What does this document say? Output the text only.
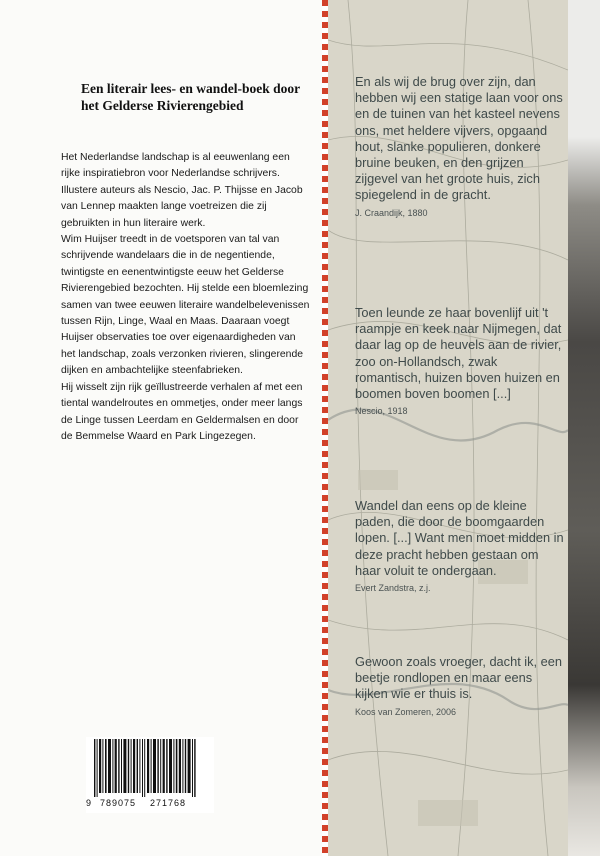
Een literair lees- en wandel-boek door het Gelderse Rivierengebied

Het Nederlandse landschap is al eeuwenlang een rijke inspiratiebron voor Nederlandse schrijvers. Illustere auteurs als Nescio, Jac. P. Thijsse en Jacob van Lennep maakten lange voetreizen die zij gebruikten in hun literaire werk.

Wim Huijser treedt in de voetsporen van tal van schrijvende wandelaars die in de negentiende, twintigste en eenentwintigste eeuw het Gelderse Rivierengebied bezochten. Hij stelde een bloemlezing samen van twee eeuwen literaire wandelbelevenissen tussen Rijn, Linge, Waal en Maas. Daaraan voegt Huijser observaties toe over eigenaardigheden van het landschap, zoals verzonken rivieren, slingerende dijken en ambachtelijke steenfabrieken.

Hij wisselt zijn rijk geïllustreerde verhalen af met een tiental wandelroutes en ommetjes, onder meer langs de Linge tussen Leerdam en Geldermalsen en door de Bemmelse Waard en Park Lingezegen.

9 789075 271768
En als wij de brug over zijn, dan hebben wij een statige laan voor ons en de tuinen van het kasteel nevens ons, met heldere vijvers, opgaand hout, slanke populieren, donkere bruine beuken, en den grijzen zijgevel van het groote huis, zich spiegelend in de gracht.
J. Craandijk, 1880
Toen leunde ze haar bovenlijf uit 't raampje en keek naar Nijmegen, dat daar lag op de heuvels aan de rivier, zoo on-Hollandsch, zwak romantisch, huizen boven huizen en boomen boven boomen [...]
Nescio, 1918
Wandel dan eens op de kleine paden, die door de boomgaarden lopen. [...] Want men moet midden in deze pracht hebben gestaan om haar voluit te ondergaan.
Evert Zandstra, z.j.
Gewoon zoals vroeger, dacht ik, een beetje rondlopen en maar eens kijken wie er thuis is.
Koos van Zomeren, 2006
